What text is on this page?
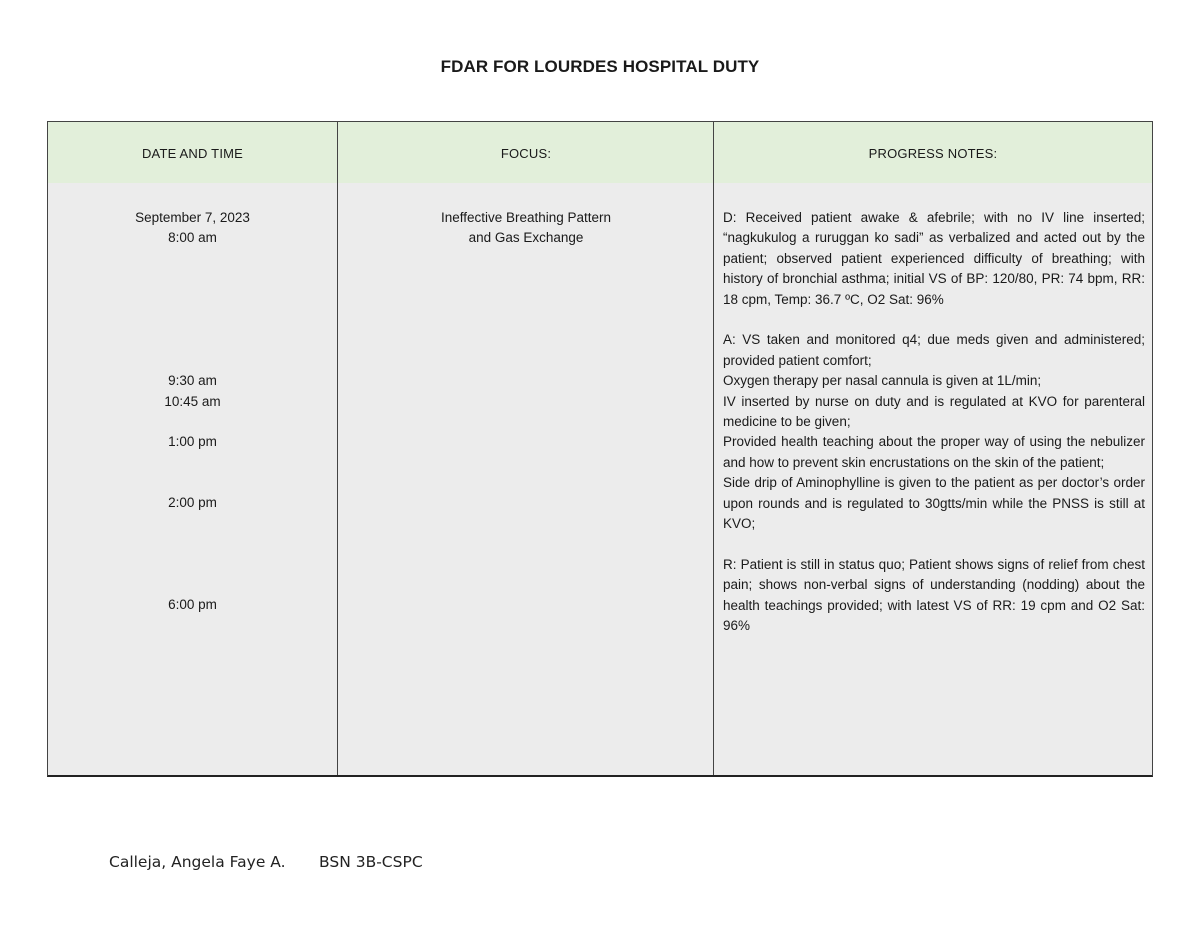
FDAR FOR LOURDES HOSPITAL DUTY
DATE AND TIME	FOCUS:	PROGRESS NOTES:
September 7, 2023
8:00 am
9:30 am
10:45 am
1:00 pm
2:00 pm
6:00 pm
Ineffective Breathing Pattern
and Gas Exchange

D: Received patient awake & afebrile; with no IV line inserted; “nagkukulog a ruruggan ko sadi” as verbalized and acted out by the patient; observed patient experienced difficulty of breathing; with history of bronchial asthma; initial VS of BP: 120/80, PR: 74 bpm, RR: 18 cpm, Temp: 36.7 ºC, O2 Sat: 96%

A: VS taken and monitored q4; due meds given and administered; provided patient comfort;

Oxygen therapy per nasal cannula is given at 1L/min;

IV inserted by nurse on duty and is regulated at KVO for parenteral medicine to be given;

Provided health teaching about the proper way of using the nebulizer and how to prevent skin encrustations on the skin of the patient;

Side drip of Aminophylline is given to the patient as per doctor’s order upon rounds and is regulated to 30gtts/min while the PNSS is still at KVO;

R: Patient is still in status quo; Patient shows signs of relief from chest pain; shows non-verbal signs of understanding (nodding) about the health teachings provided; with latest VS of RR: 19 cpm and O2 Sat: 96%

Calleja, Angela Faye A. BSN 3B-CSPC
